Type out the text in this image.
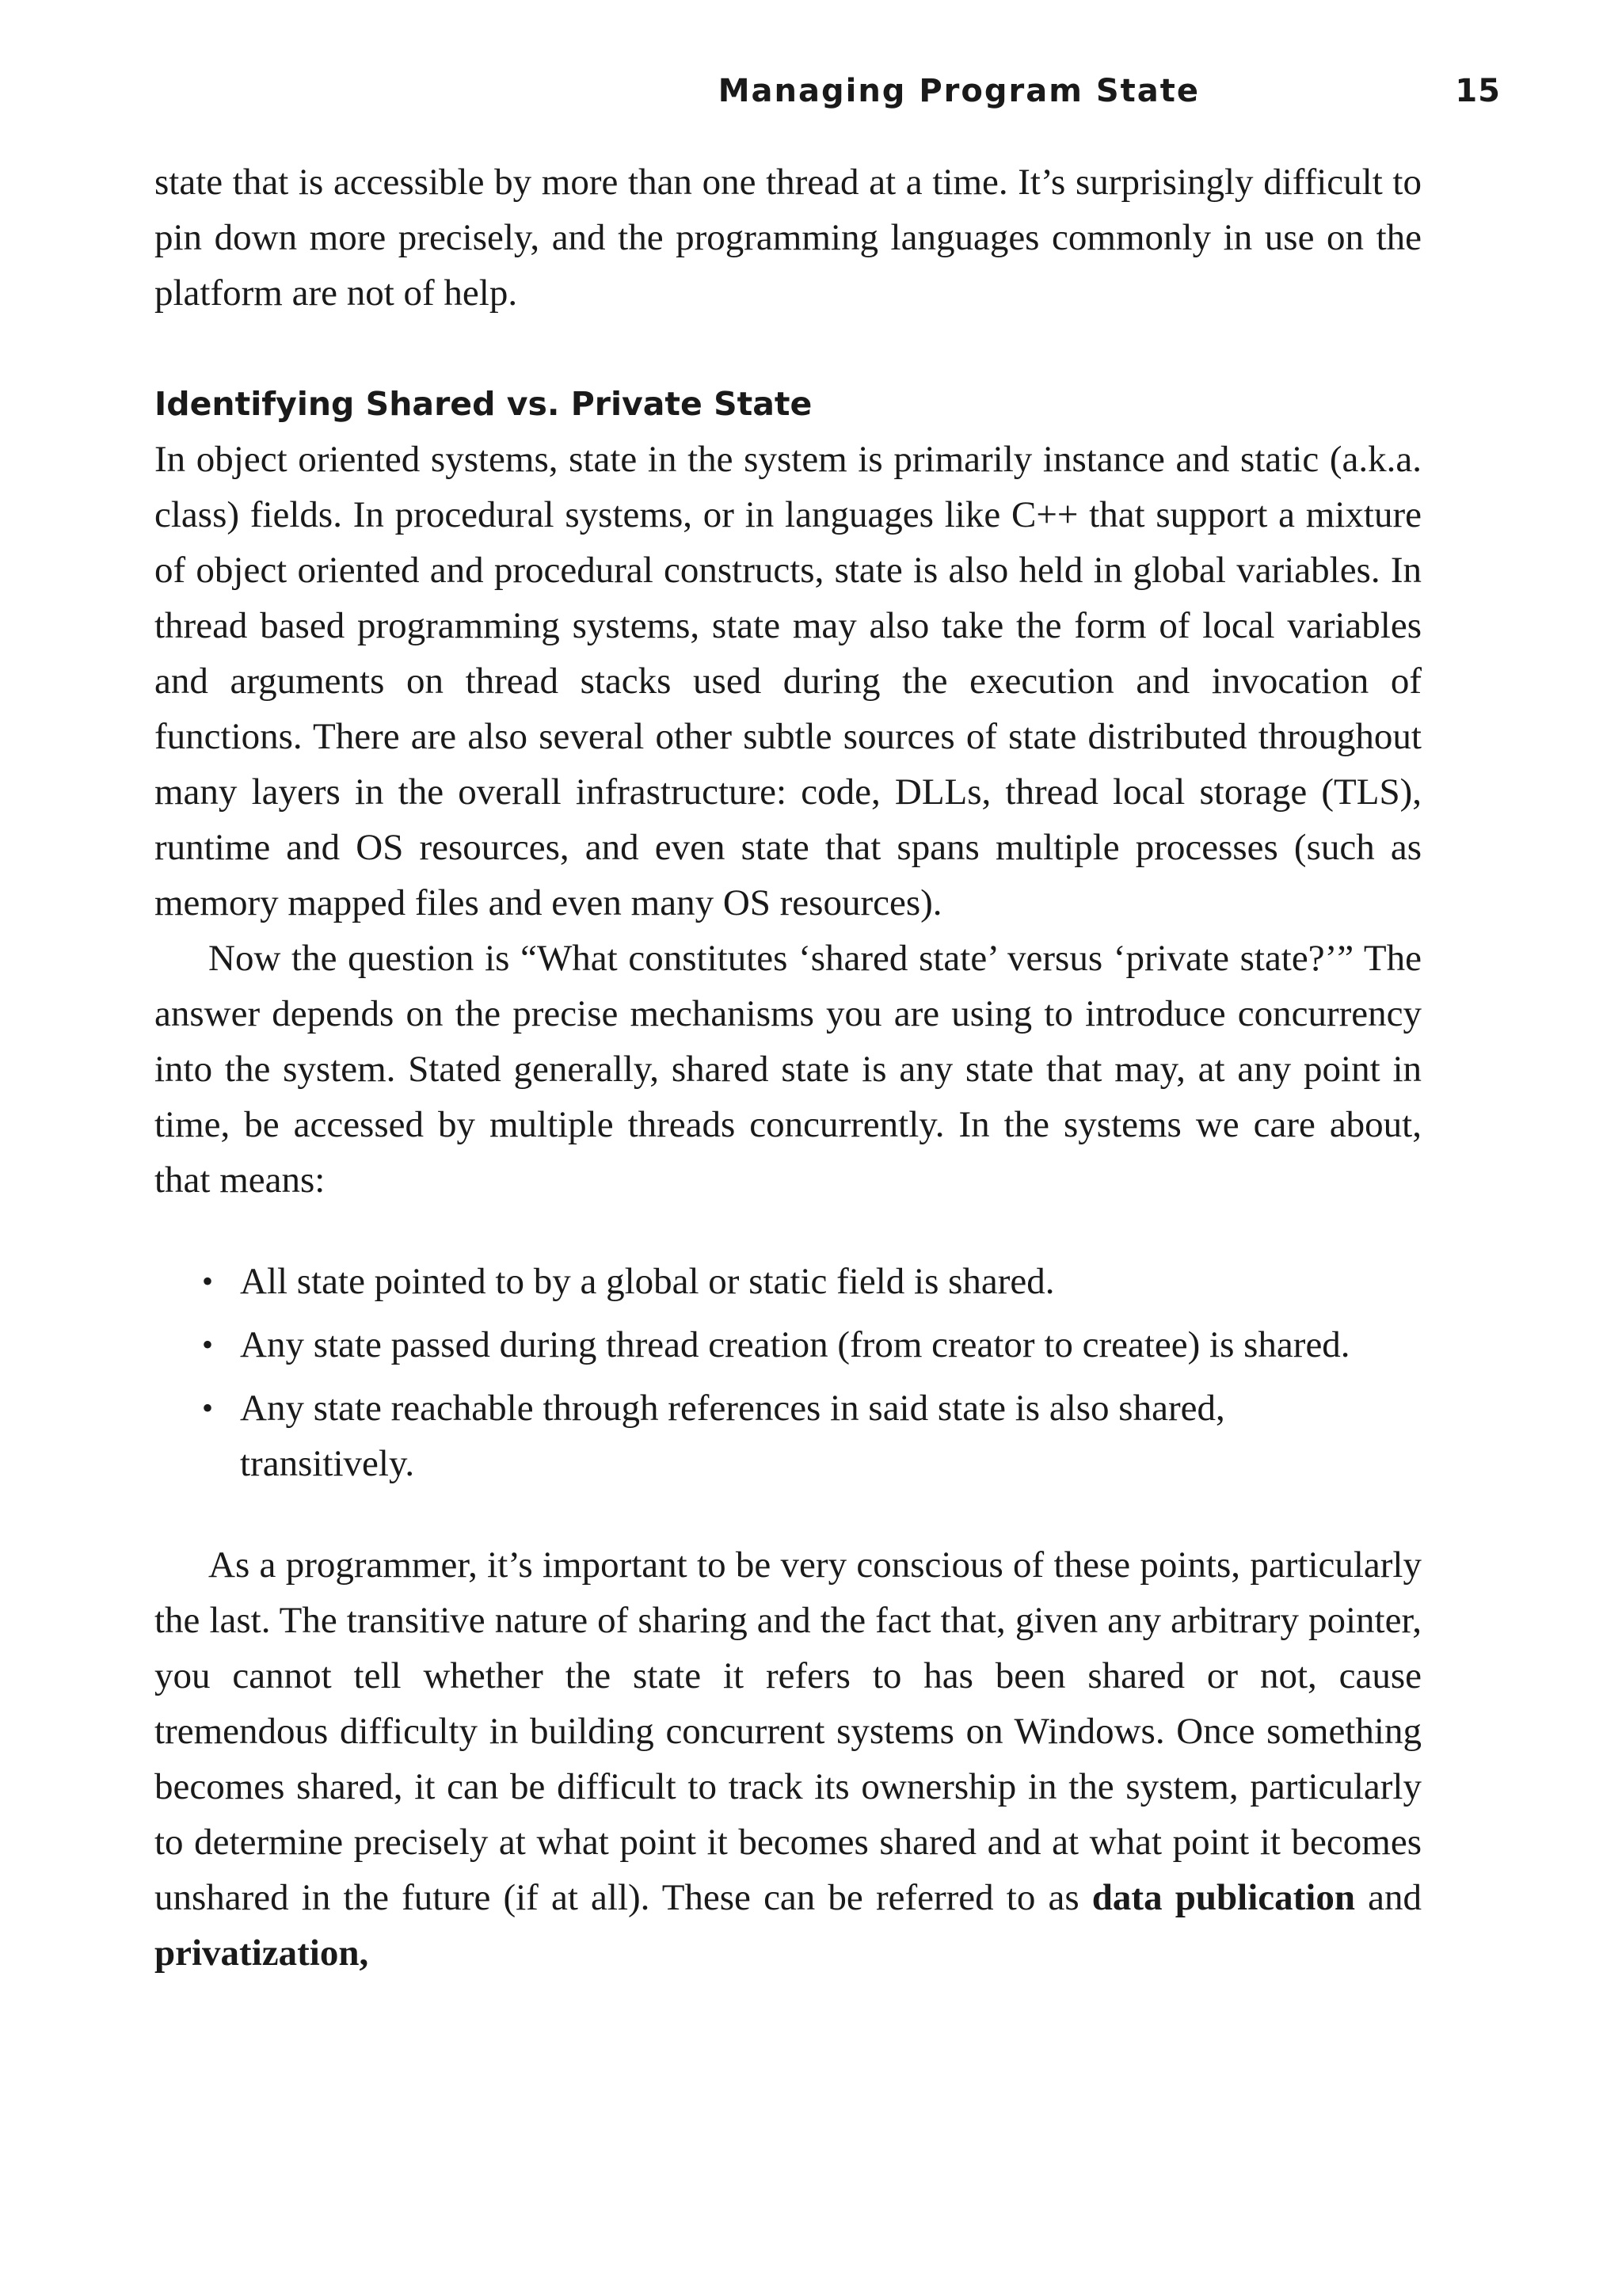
Managing Program State	15

state that is accessible by more than one thread at a time. It’s surprisingly difficult to pin down more precisely, and the programming languages commonly in use on the platform are not of help.

Identifying Shared vs. Private State

In object oriented systems, state in the system is primarily instance and static (a.k.a. class) fields. In procedural systems, or in languages like C++ that support a mixture of object oriented and procedural constructs, state is also held in global variables. In thread based programming systems, state may also take the form of local variables and arguments on thread stacks used during the execution and invocation of functions. There are also several other subtle sources of state distributed throughout many layers in the overall infrastructure: code, DLLs, thread local storage (TLS), runtime and OS resources, and even state that spans multiple processes (such as memory mapped files and even many OS resources).

Now the question is “What constitutes ‘shared state’ versus ‘private state?’” The answer depends on the precise mechanisms you are using to introduce concurrency into the system. Stated generally, shared state is any state that may, at any point in time, be accessed by multiple threads concurrently. In the systems we care about, that means:

• All state pointed to by a global or static field is shared.
• Any state passed during thread creation (from creator to createe) is shared.
• Any state reachable through references in said state is also shared, transitively.

As a programmer, it’s important to be very conscious of these points, particularly the last. The transitive nature of sharing and the fact that, given any arbitrary pointer, you cannot tell whether the state it refers to has been shared or not, cause tremendous difficulty in building concurrent systems on Windows. Once something becomes shared, it can be difficult to track its ownership in the system, particularly to determine precisely at what point it becomes shared and at what point it becomes unshared in the future (if at all). These can be referred to as data publication and privatization,
